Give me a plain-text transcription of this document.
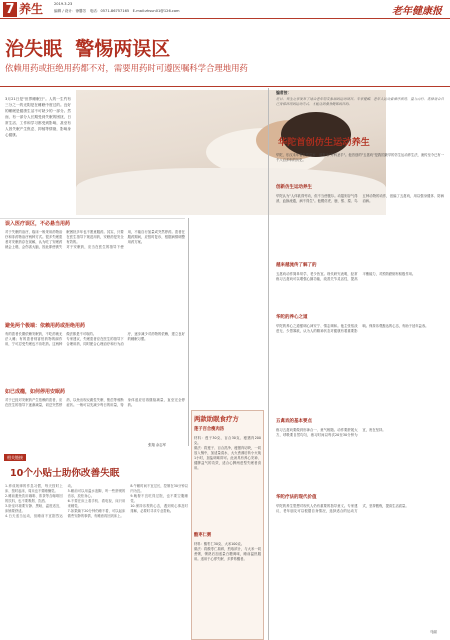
7 养生	2019.3.23
编辑 / 设计：徐馨芳 电话：0571-86757165 E-mail:zhsun01@126.com	老年健康报
治失眠  警惕两误区
依赖用药或拒绝用药都不对，需要用药时可遵医嘱科学合理地用药
3月21日是"世界睡眠日"。人的一生约有三分之一的光阴是在睡眠中度过的。良好的睡眠是健康生活不可缺少的一部分。然而，有一部分人长期受到失眠的困扰，日常生活、工作和学习都受到影响，甚至有人因失眠产生焦虑、抑郁等情绪，影响身心健康。
误入医疗误区，不必悬当用药
对于失眠的治疗，临床一般采用药物治疗和非药物治疗两种方式。很多失眠患者对安眠药存在误解，认为吃了安眠药就会上瘾，会伤害大脑，因此即使被失眠困扰多年也不愿意服药。其实，只要在医生指导下规范用药，安眠药是安全有效的。
对于安眠药，应当在医生的指导下使用，不能自行加量或突然停药。患者在服药期间，应按时复诊，根据病情调整用药方案。
避免两个极端：依赖用药或拒绝用药
有的患者长期依赖安眠药，不吃药就无法入睡；有的患者则害怕药物的副作用，宁可忍受失眠也不肯吃药。这两种做法都是不可取的。
专家建议，失眠患者应在医生的指导下合理用药，同时配合心理治疗和行为治疗，逐步减少对药物的依赖，建立良好的睡眠习惯。
如已成瘾，如何停用安眠药
对于已经对安眠药产生依赖的患者，应在医生的指导下逐渐减量，切忌突然停药，以免出现反跳性失眠、焦虑等戒断症状。一般可以先减少每日的用量，待身体适应后再继续减量，直至完全停药。
张翔 余志军
两款助眠食疗方
莲子百合瘦肉汤
材料：莲子30克、百合30克、瘦猪肉200克。
做法：将莲子、百合洗净，瘦猪肉切块，一同放入锅中，加适量清水，大火煮沸后转小火炖1小时，加盐调味即可。此汤具有养心安神、健脾益气的功效，适合心脾两虚型失眠者食用。
酸枣仁粥
材料：酸枣仁30克、大米100克。
做法：将酸枣仁捣碎，煎取浓汁，与大米一同煮粥，粥熟后加适量白糖调味，睡前温热服用。适用于心悸失眠、多梦易醒者。
相关链接
10个小贴士助你改善失眠
1.养成规律的作息习惯，每天按时上床、按时起床，周末也不要睡懒觉。
2.睡前避免饮用咖啡、浓茶等含咖啡因的饮料，也不要吸烟、饮酒。
3.卧室环境要安静、黑暗，温度适宜，床铺要舒适。
4.白天适当运动，但睡前不宜剧烈运动。
5.睡前可以用温水泡脚，听一些舒缓的音乐，放松身心。
6.不要在床上看手机、看电视，床只用来睡觉。
7.如果躺下20分钟仍睡不着，可以起床做些安静的事情，有睡意再回到床上。
8.午睡时间不宜过长，控制在30分钟以内为宜。
9.晚餐不宜吃得过饱，也不要空腹睡觉。
10.保持乐观的心态，遇到烦心事及时排解，必要时寻求专业帮助。
编者按：
近日，养生之家发布了适合老年朋友参加的运动项目。专家提醒，老年人运动要循序渐进，量力而行，选择适合自己身体状况的运动方式，才能达到强身健体的目的。
华陀首创仿生运动养生
华陀，东汉末年著名医学家，被誉为"外科圣手"。他首创的"五禽戏"是我国最早的仿生运动养生法，流传至今已有一千八百多年的历史。
创新仿生运动养生
华陀认为"人体欲得劳动，但不当使极尔。动摇则谷气得消，血脉流通，病不得生"。他模仿虎、鹿、熊、猿、鸟五种动物的动作，创编了五禽戏，用以强身健体、防病治病。
越来越流传了解了的
五禽戏动作简单易学，老少皆宜。现代研究表明，经常练习五禽戏可以增强心肺功能，改善关节灵活性，提高平衡能力，对预防跌倒有积极作用。
华陀的养心之道
华陀的养心之道强调心神安宁、情志调和。他主张恬淡虚无、少思寡欲，认为人的精神状态对健康有着重要影响。保持乐观豁达的心态，有助于延年益寿。
五禽戏的基本要点
练习五禽戏要做到形神合一、意气相随。动作要舒展大方，呼吸要自然均匀，练习时间以每次20至30分钟为宜，贵在坚持。
华陀疗法的现代价值
华陀的养生思想对现代人仍有重要的指导意义。专家建议，老年朋友可以根据自身情况，选择适合的运动方式，坚持锻炼，提高生活质量。
马丽
